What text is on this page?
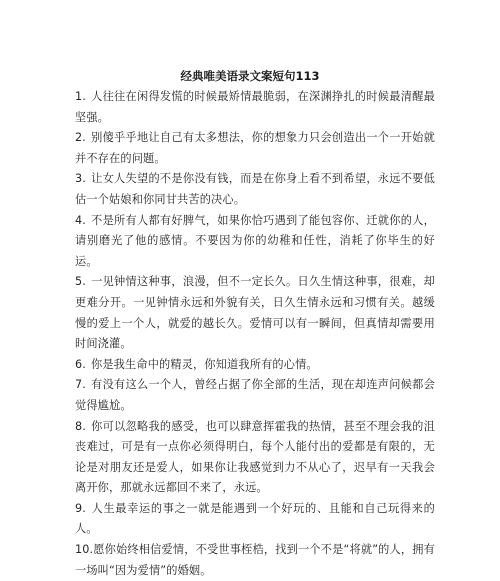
经典唯美语录文案短句113

1. 人往往在闲得发慌的时候最矫情最脆弱，在深渊挣扎的时候最清醒最坚强。

2. 别傻乎乎地让自己有太多想法，你的想象力只会创造出一个一开始就并不存在的问题。

3. 让女人失望的不是你没有钱，而是在你身上看不到希望，永远不要低估一个姑娘和你同甘共苦的决心。

4. 不是所有人都有好脾气，如果你恰巧遇到了能包容你、迁就你的人，请别磨光了他的感情。不要因为你的幼稚和任性，消耗了你毕生的好运。

5. 一见钟情这种事，浪漫，但不一定长久。日久生情这种事，很难，却更难分开。一见钟情永远和外貌有关，日久生情永远和习惯有关。越缓慢的爱上一个人，就爱的越长久。爱情可以有一瞬间，但真情却需要用时间浇灌。

6. 你是我生命中的精灵，你知道我所有的心情。

7. 有没有这么一个人，曾经占据了你全部的生活，现在却连声问候都会觉得尴尬。

8. 你可以忽略我的感受，也可以肆意挥霍我的热情，甚至不理会我的沮丧难过，可是有一点你必须得明白，每个人能付出的爱都是有限的，无论是对朋友还是爱人，如果你让我感觉到力不从心了，迟早有一天我会离开你，那就永远都回不来了，永远。

9. 人生最幸运的事之一就是能遇到一个好玩的、且能和自己玩得来的人。

10.愿你始终相信爱情，不受世事桎梏，找到一个不是“将就”的人，拥有一场叫“因为爱情”的婚姻。
